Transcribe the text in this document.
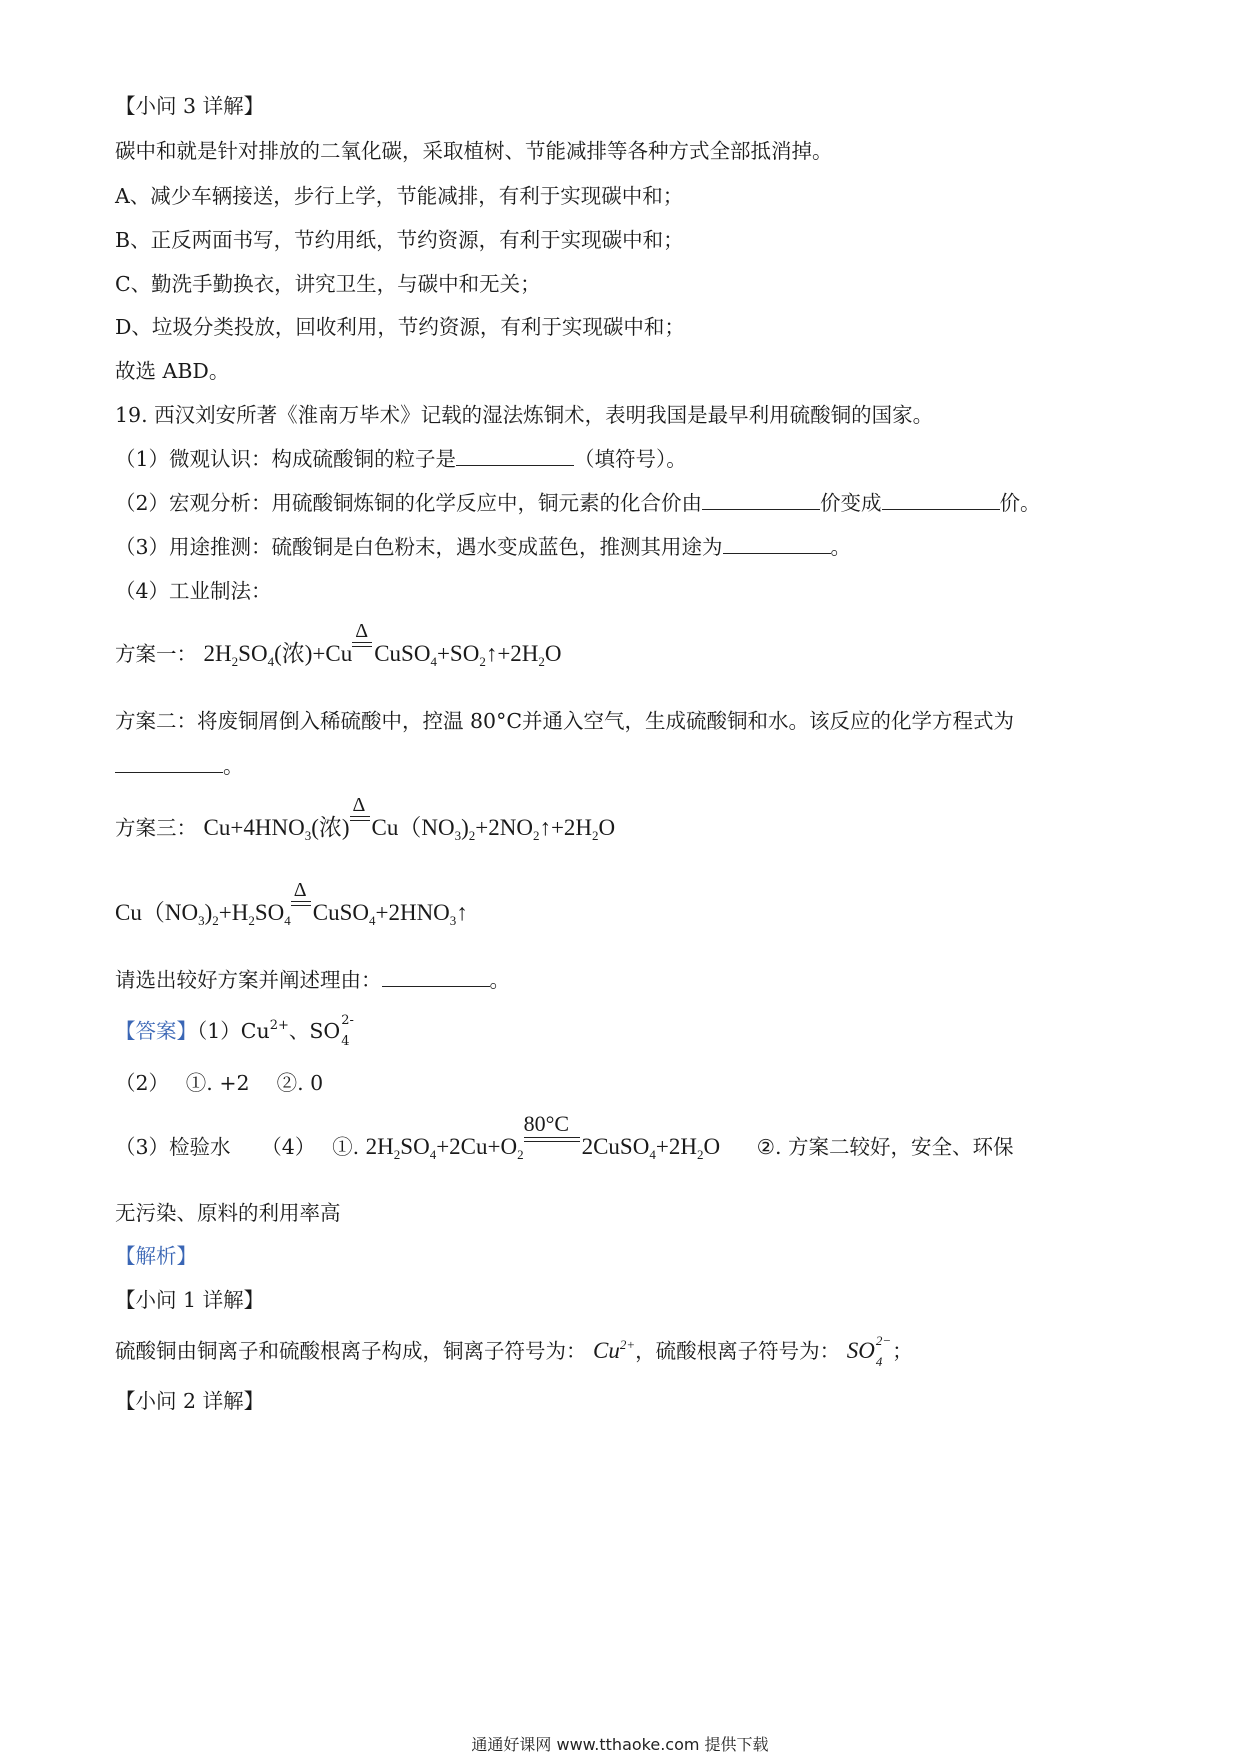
【小问 3 详解】
碳中和就是针对排放的二氧化碳，采取植树、节能减排等各种方式全部抵消掉。
A、减少车辆接送，步行上学，节能减排，有利于实现碳中和；
B、正反两面书写，节约用纸，节约资源，有利于实现碳中和；
C、勤洗手勤换衣，讲究卫生，与碳中和无关；
D、垃圾分类投放，回收利用，节约资源，有利于实现碳中和；
故选 ABD。
19. 西汉刘安所著《淮南万毕术》记载的湿法炼铜术，表明我国是最早利用硫酸铜的国家。
（1）微观认识：构成硫酸铜的粒子是	（填符号）。
（2）宏观分析：用硫酸铜炼铜的化学反应中，铜元素的化合价由	价变成	价。
（3）用途推测：硫酸铜是白色粉末，遇水变成蓝色，推测其用途为	。
（4）工业制法：
方案一： $2H_2SO_4$(浓)+Cu
Δ
$CuSO_4+SO_2↑+2H_2O$
方案二：将废铜屑倒入稀硫酸中，控温 80°C并通入空气，生成硫酸铜和水。该反应的化学方程式为
。
方案三： $Cu+4HNO_3$(浓)
Δ
$Cu(NO_3)_2+2NO_2↑+2H_2O$
$Cu(NO_3)_2+H_2SO_4$
Δ
$CuSO_4+2HNO_3↑$
请选出较好方案并阐述理由：	。
【答案】$(1)Cu^{2+}$、SO 2-
4
（2）　 ①. +2　 ②. 0
（3）检验水　　（4）　 ①. $2H_2SO_4+2Cu+O_2$
80°C
$2CuSO_4+2H_2O$ ②. 方案二较好，安全、环保
无污染、原料的利用率高
【解析】
【小问 1 详解】
硫酸铜由铜离子和硫酸根离子构成，铜离子符号为： $Cu^{2+}$，硫酸根离子符号为： SO 2−
4 ；
【小问 2 详解】
通通好课网 www.tthaoke.com 提供下载
